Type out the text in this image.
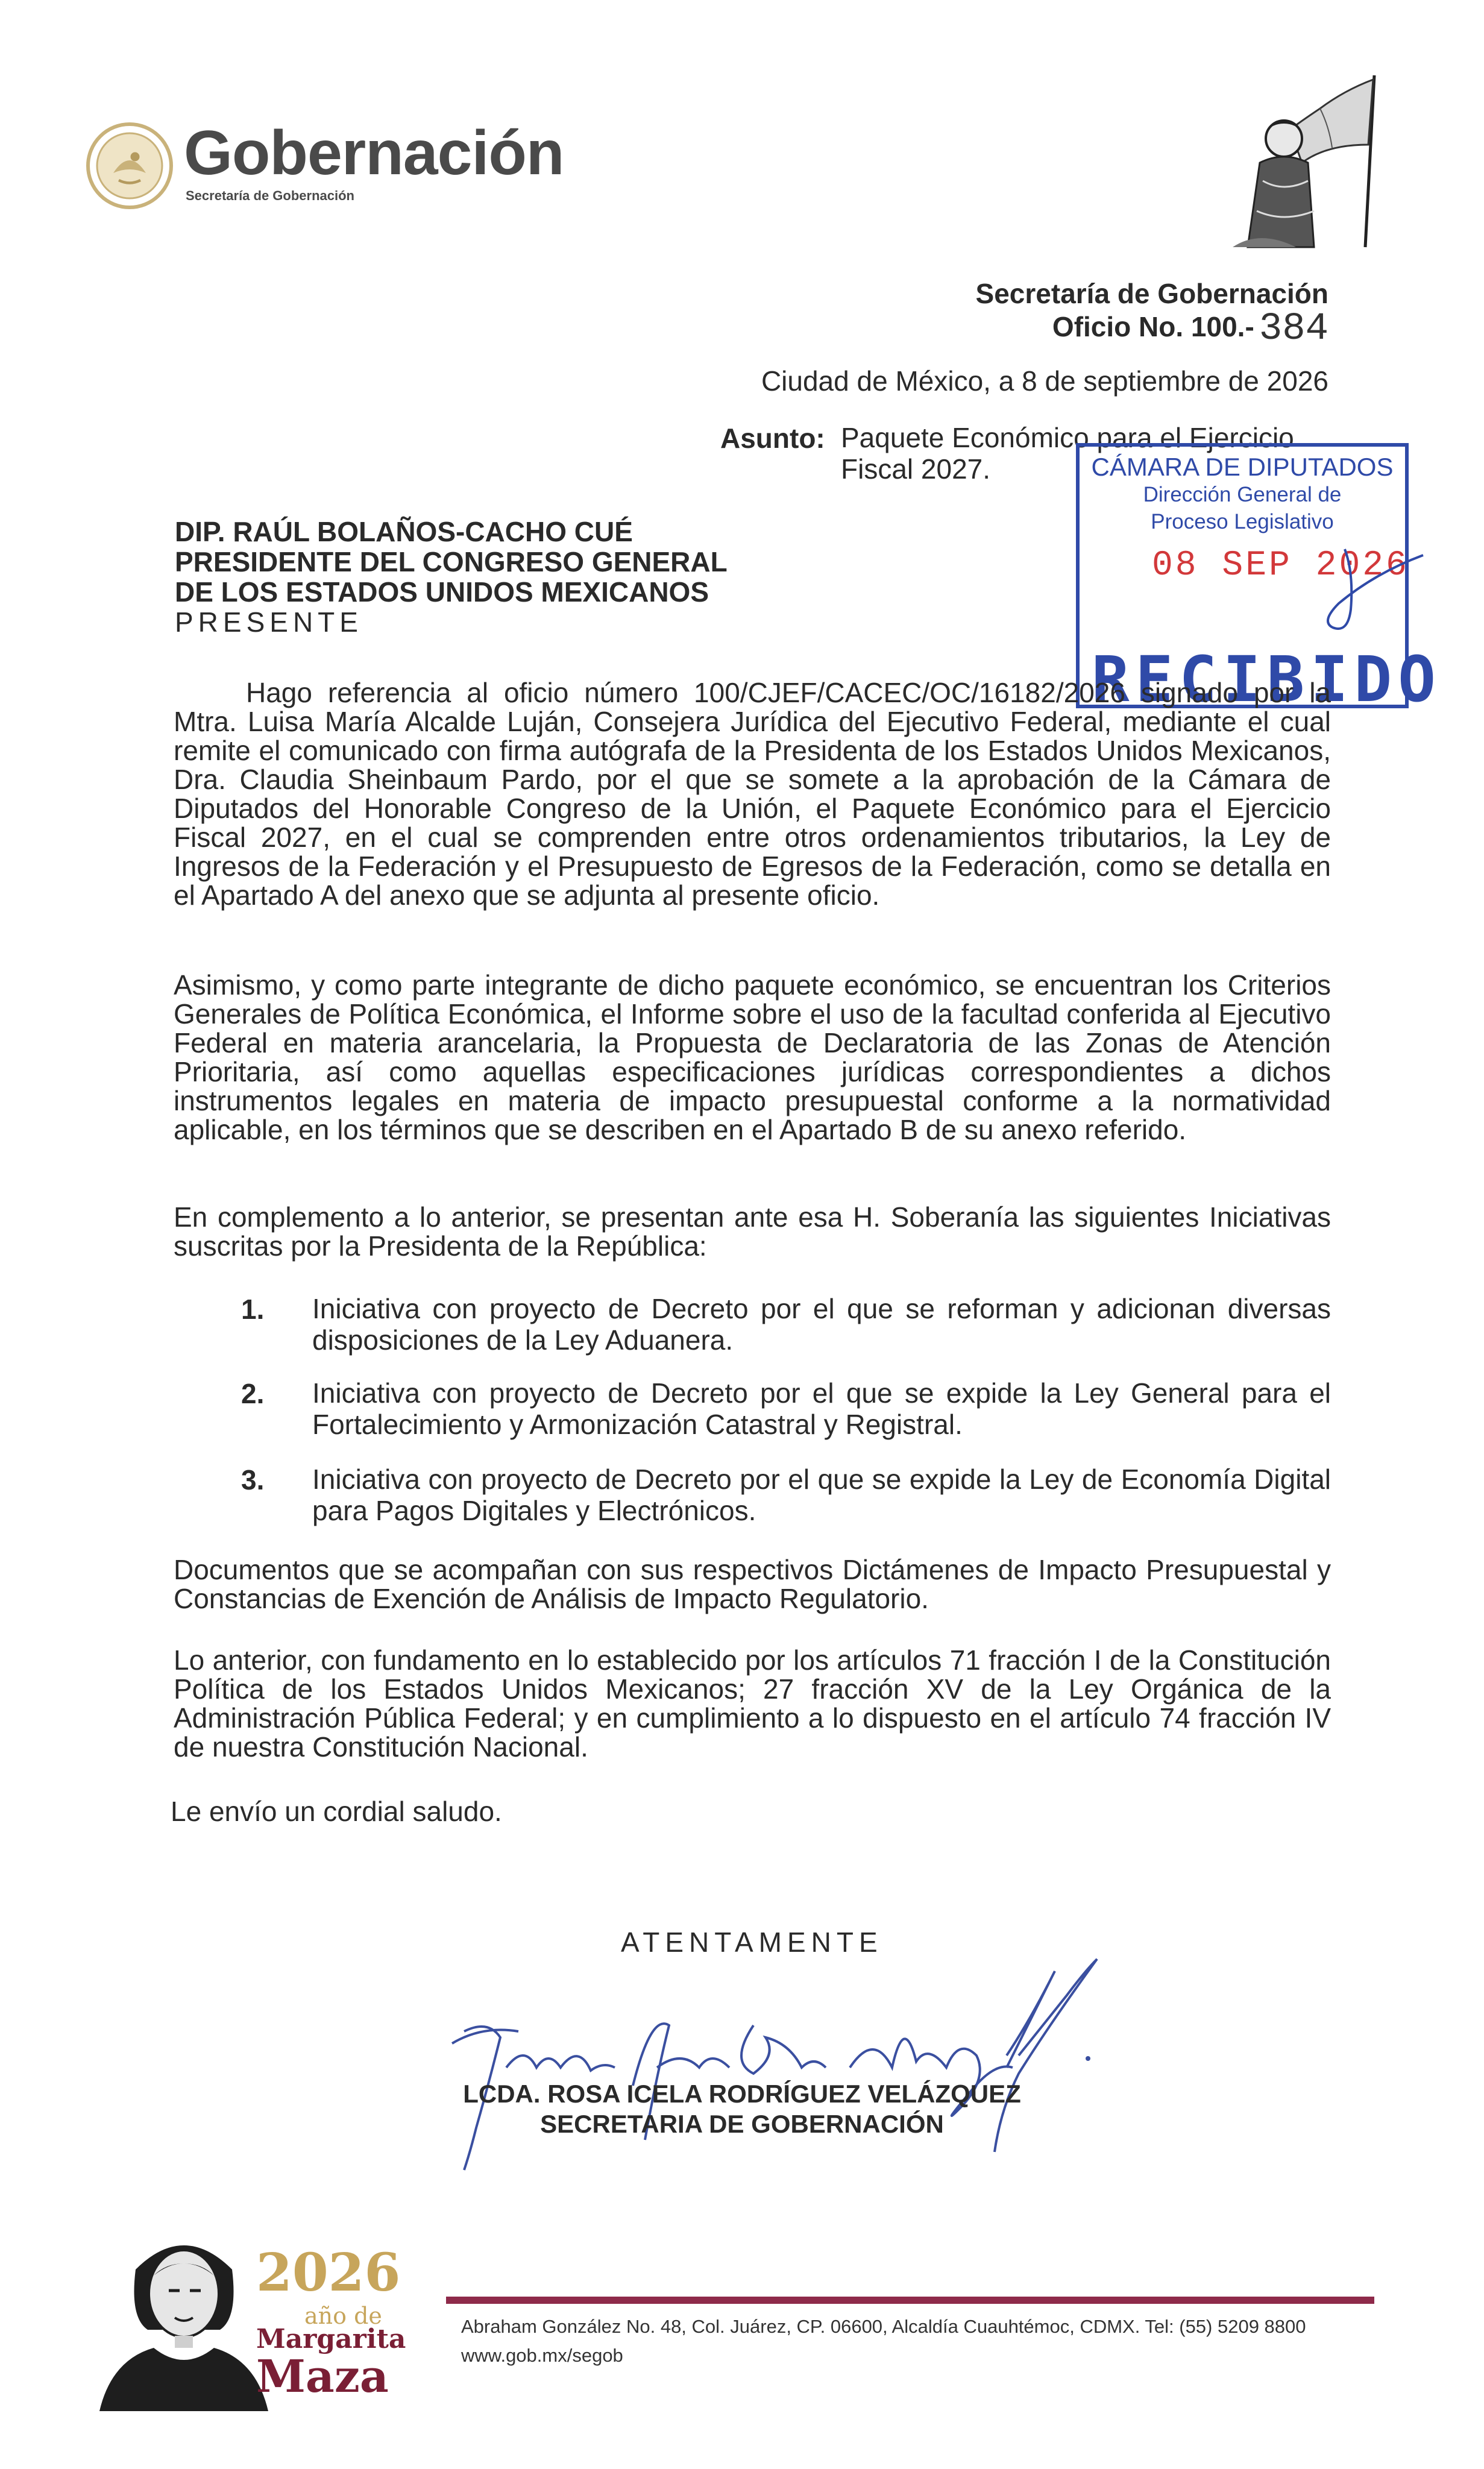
Gobernación
Secretaría de Gobernación
Secretaría de Gobernación
Oficio No. 100.- 384
Ciudad de México, a 8 de septiembre de 2026
Asunto: Paquete Económico para el Ejercicio Fiscal 2027.	CÁMARA DE DIPUTADOS
Dirección General de
Proceso Legislativo
08 SEP 2026
RECIBIDO
DIP. RAÚL BOLAÑOS-CACHO CUÉ
PRESIDENTE DEL CONGRESO GENERAL
DE LOS ESTADOS UNIDOS MEXICANOS
PRESENTE

Hago referencia al oficio número 100/CJEF/CACEC/OC/16182/2026 signado por la Mtra. Luisa María Alcalde Luján, Consejera Jurídica del Ejecutivo Federal, mediante el cual remite el comunicado con firma autógrafa de la Presidenta de los Estados Unidos Mexicanos, Dra. Claudia Sheinbaum Pardo, por el que se somete a la aprobación de la Cámara de Diputados del Honorable Congreso de la Unión, el Paquete Económico para el Ejercicio Fiscal 2027, en el cual se comprenden entre otros ordenamientos tributarios, la Ley de Ingresos de la Federación y el Presupuesto de Egresos de la Federación, como se detalla en el Apartado A del anexo que se adjunta al presente oficio.

Asimismo, y como parte integrante de dicho paquete económico, se encuentran los Criterios Generales de Política Económica, el Informe sobre el uso de la facultad conferida al Ejecutivo Federal en materia arancelaria, la Propuesta de Declaratoria de las Zonas de Atención Prioritaria, así como aquellas especificaciones jurídicas correspondientes a dichos instrumentos legales en materia de impacto presupuestal conforme a la normatividad aplicable, en los términos que se describen en el Apartado B de su anexo referido.

En complemento a lo anterior, se presentan ante esa H. Soberanía las siguientes Iniciativas suscritas por la Presidenta de la República:

1. Iniciativa con proyecto de Decreto por el que se reforman y adicionan diversas disposiciones de la Ley Aduanera.

2. Iniciativa con proyecto de Decreto por el que se expide la Ley General para el Fortalecimiento y Armonización Catastral y Registral.

3. Iniciativa con proyecto de Decreto por el que se expide la Ley de Economía Digital para Pagos Digitales y Electrónicos.

Documentos que se acompañan con sus respectivos Dictámenes de Impacto Presupuestal y Constancias de Exención de Análisis de Impacto Regulatorio.

Lo anterior, con fundamento en lo establecido por los artículos 71 fracción I de la Constitución Política de los Estados Unidos Mexicanos; 27 fracción XV de la Ley Orgánica de la Administración Pública Federal; y en cumplimiento a lo dispuesto en el artículo 74 fracción IV de nuestra Constitución Nacional.

Le envío un cordial saludo.
ATENTAMENTE
LCDA. ROSA ICELA RODRÍGUEZ VELÁZQUEZ
SECRETARIA DE GOBERNACIÓN
2026
año de
Margarita
Maza
Abraham González No. 48, Col. Juárez, CP. 06600, Alcaldía Cuauhtémoc, CDMX. Tel: (55) 5209 8800
www.gob.mx/segob
